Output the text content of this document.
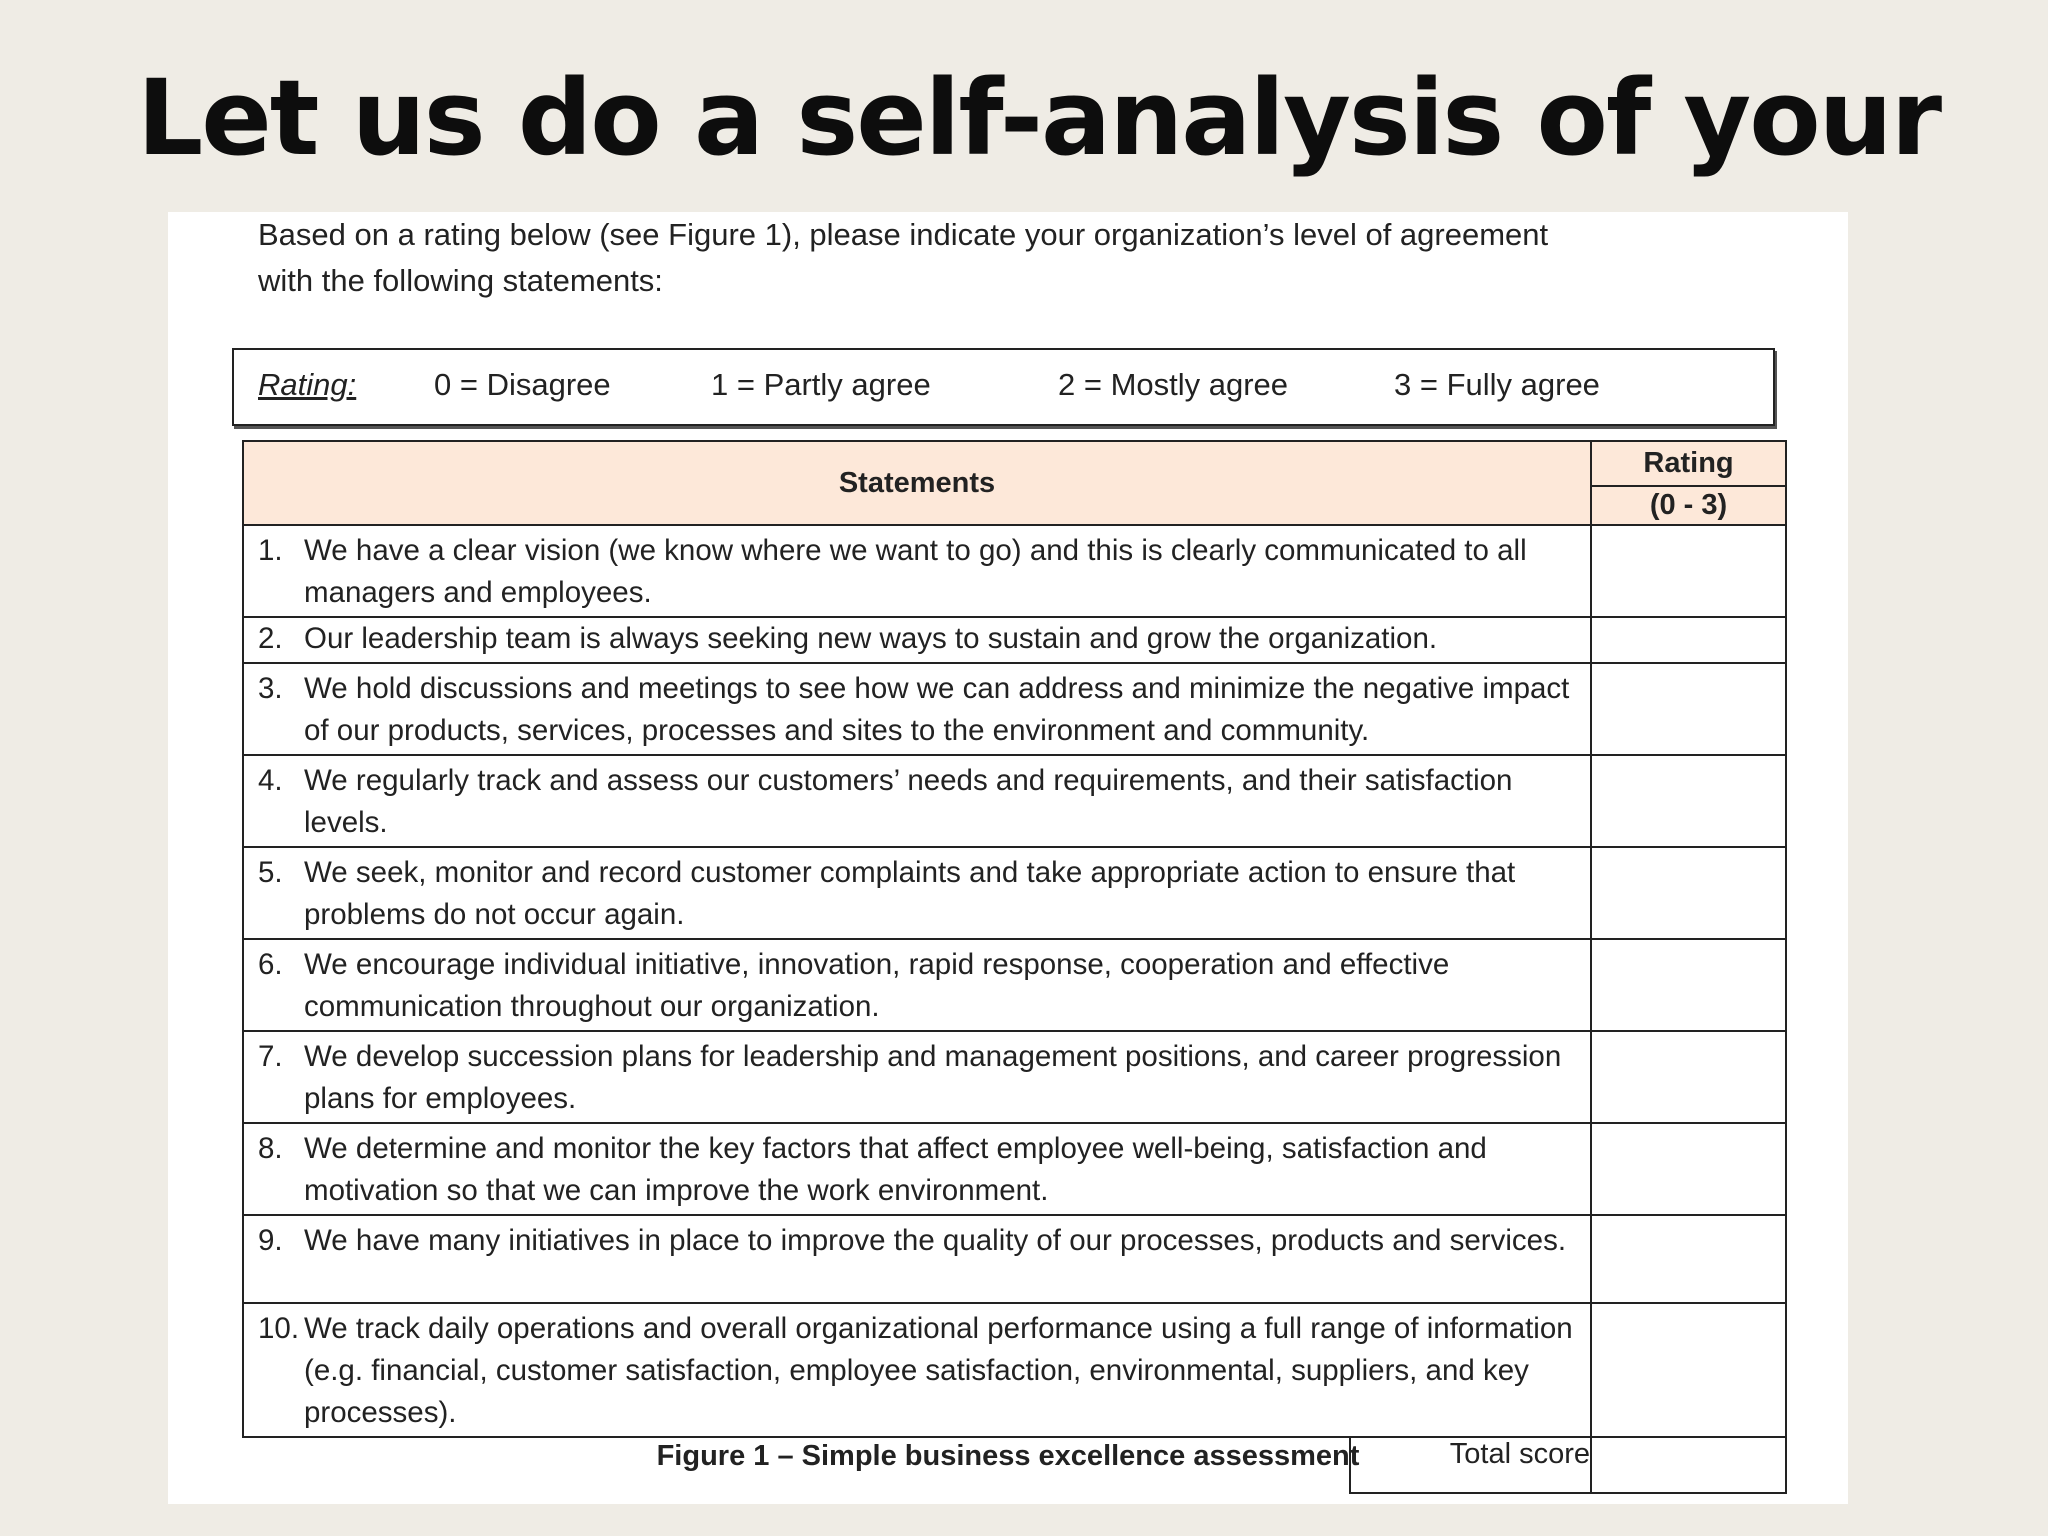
Let us do a self-analysis of your

Based on a rating below (see Figure 1), please indicate your organization’s level of agreement
with the following statements:

Rating:	0 = Disagree	1 = Partly agree	2 = Mostly agree	3 = Fully agree
Statements		Rating
		(0 - 3)

1. We have a clear vision (we know where we want to go) and this is clearly communicated to all managers and employees.		

2. Our leadership team is always seeking new ways to sustain and grow the organization.		

3. We hold discussions and meetings to see how we can address and minimize the negative impact of our products, services, processes and sites to the environment and community.		

4. We regularly track and assess our customers’ needs and requirements, and their satisfaction levels.		

5. We seek, monitor and record customer complaints and take appropriate action to ensure that problems do not occur again.		

6. We encourage individual initiative, innovation, rapid response, cooperation and effective communication throughout our organization.		

7. We develop succession plans for leadership and management positions, and career progression plans for employees.		

8. We determine and monitor the key factors that affect employee well-being, satisfaction and motivation so that we can improve the work environment.		

9. We have many initiatives in place to improve the quality of our processes, products and services.		

10. We track daily operations and overall organizational performance using a full range of information (e.g. financial, customer satisfaction, employee satisfaction, environmental, suppliers, and key processes).		

	Total score	

Figure 1 – Simple business excellence assessment
